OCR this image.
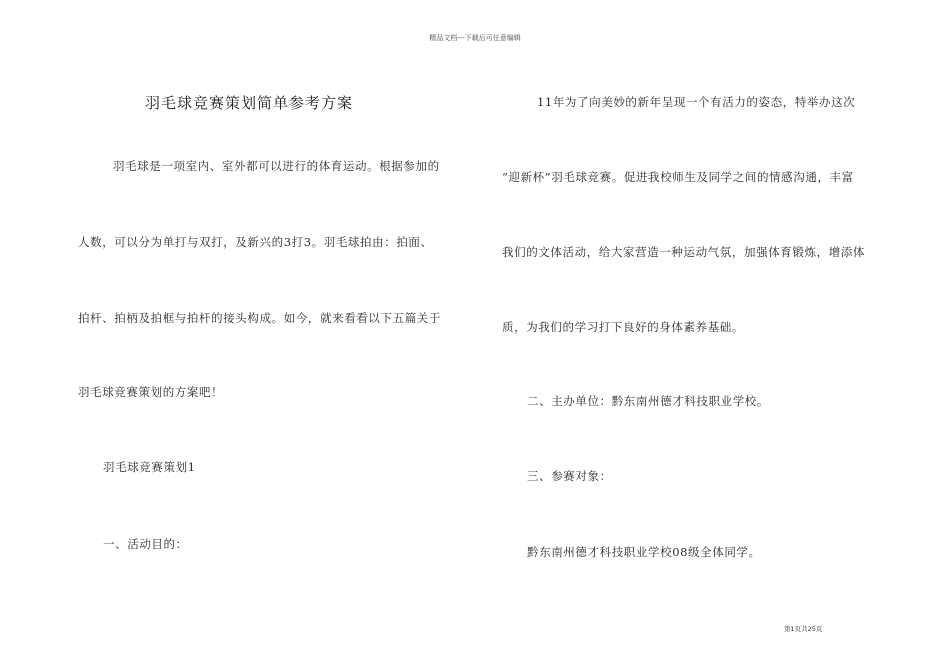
精品文档---下载后可任意编辑
羽毛球竞赛策划简单参考方案
羽毛球是一项室内、室外都可以进行的体育运动。根据参加的
人数，可以分为单打与双打，及新兴的3打3。羽毛球拍由：拍面、
拍杆、拍柄及拍框与拍杆的接头构成。如今，就来看看以下五篇关于
羽毛球竞赛策划的方案吧！
羽毛球竞赛策划1
一、活动目的：
11年为了向美妙的新年呈现一个有活力的姿态，特举办这次
“迎新杯”羽毛球竞赛。促进我校师生及同学之间的情感沟通，丰富
我们的文体活动，给大家营造一种运动气氛，加强体育锻炼，增添体
质，为我们的学习打下良好的身体素养基础。
二、主办单位：黔东南州德才科技职业学校。
三、参赛对象：
黔东南州德才科技职业学校08级全体同学。
第1页共25页
